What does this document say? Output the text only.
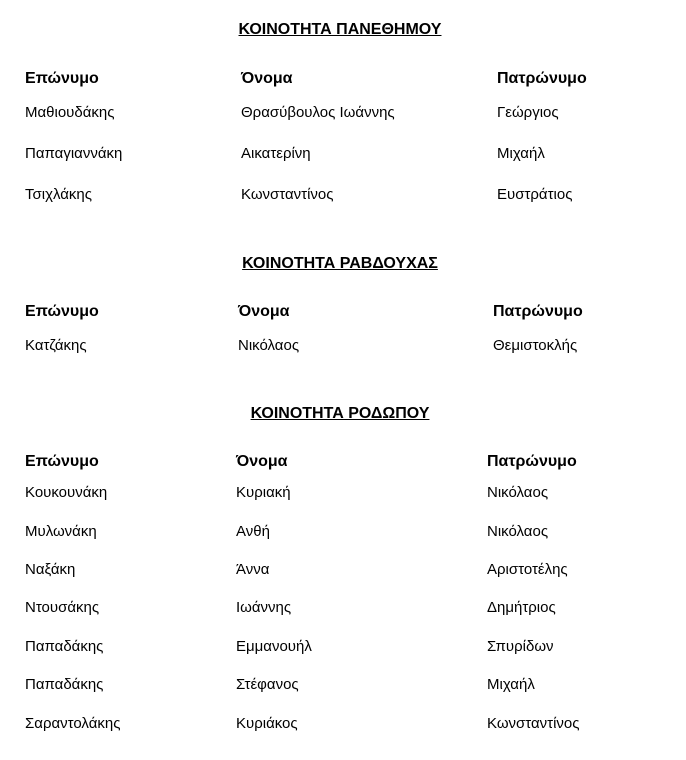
ΚΟΙΝΟΤΗΤΑ ΠΑΝΕΘΗΜΟΥ
Επώνυμο	Όνομα	Πατρώνυμο
Μαθιουδάκης	Θρασύβουλος Ιωάννης	Γεώργιος
Παπαγιαννάκη	Αικατερίνη	Μιχαήλ
Τσιχλάκης	Κωνσταντίνος	Ευστράτιος
ΚΟΙΝΟΤΗΤΑ ΡΑΒΔΟΥΧΑΣ
Επώνυμο	Όνομα	Πατρώνυμο
Κατζάκης	Νικόλαος	Θεμιστοκλής
ΚΟΙΝΟΤΗΤΑ ΡΟΔΩΠΟΥ
Επώνυμο	Όνομα	Πατρώνυμο
Κουκουνάκη	Κυριακή	Νικόλαος
Μυλωνάκη	Ανθή	Νικόλαος
Ναξάκη	Άννα	Αριστοτέλης
Ντουσάκης	Ιωάννης	Δημήτριος
Παπαδάκης	Εμμανουήλ	Σπυρίδων
Παπαδάκης	Στέφανος	Μιχαήλ
Σαραντολάκης	Κυριάκος	Κωνσταντίνος
